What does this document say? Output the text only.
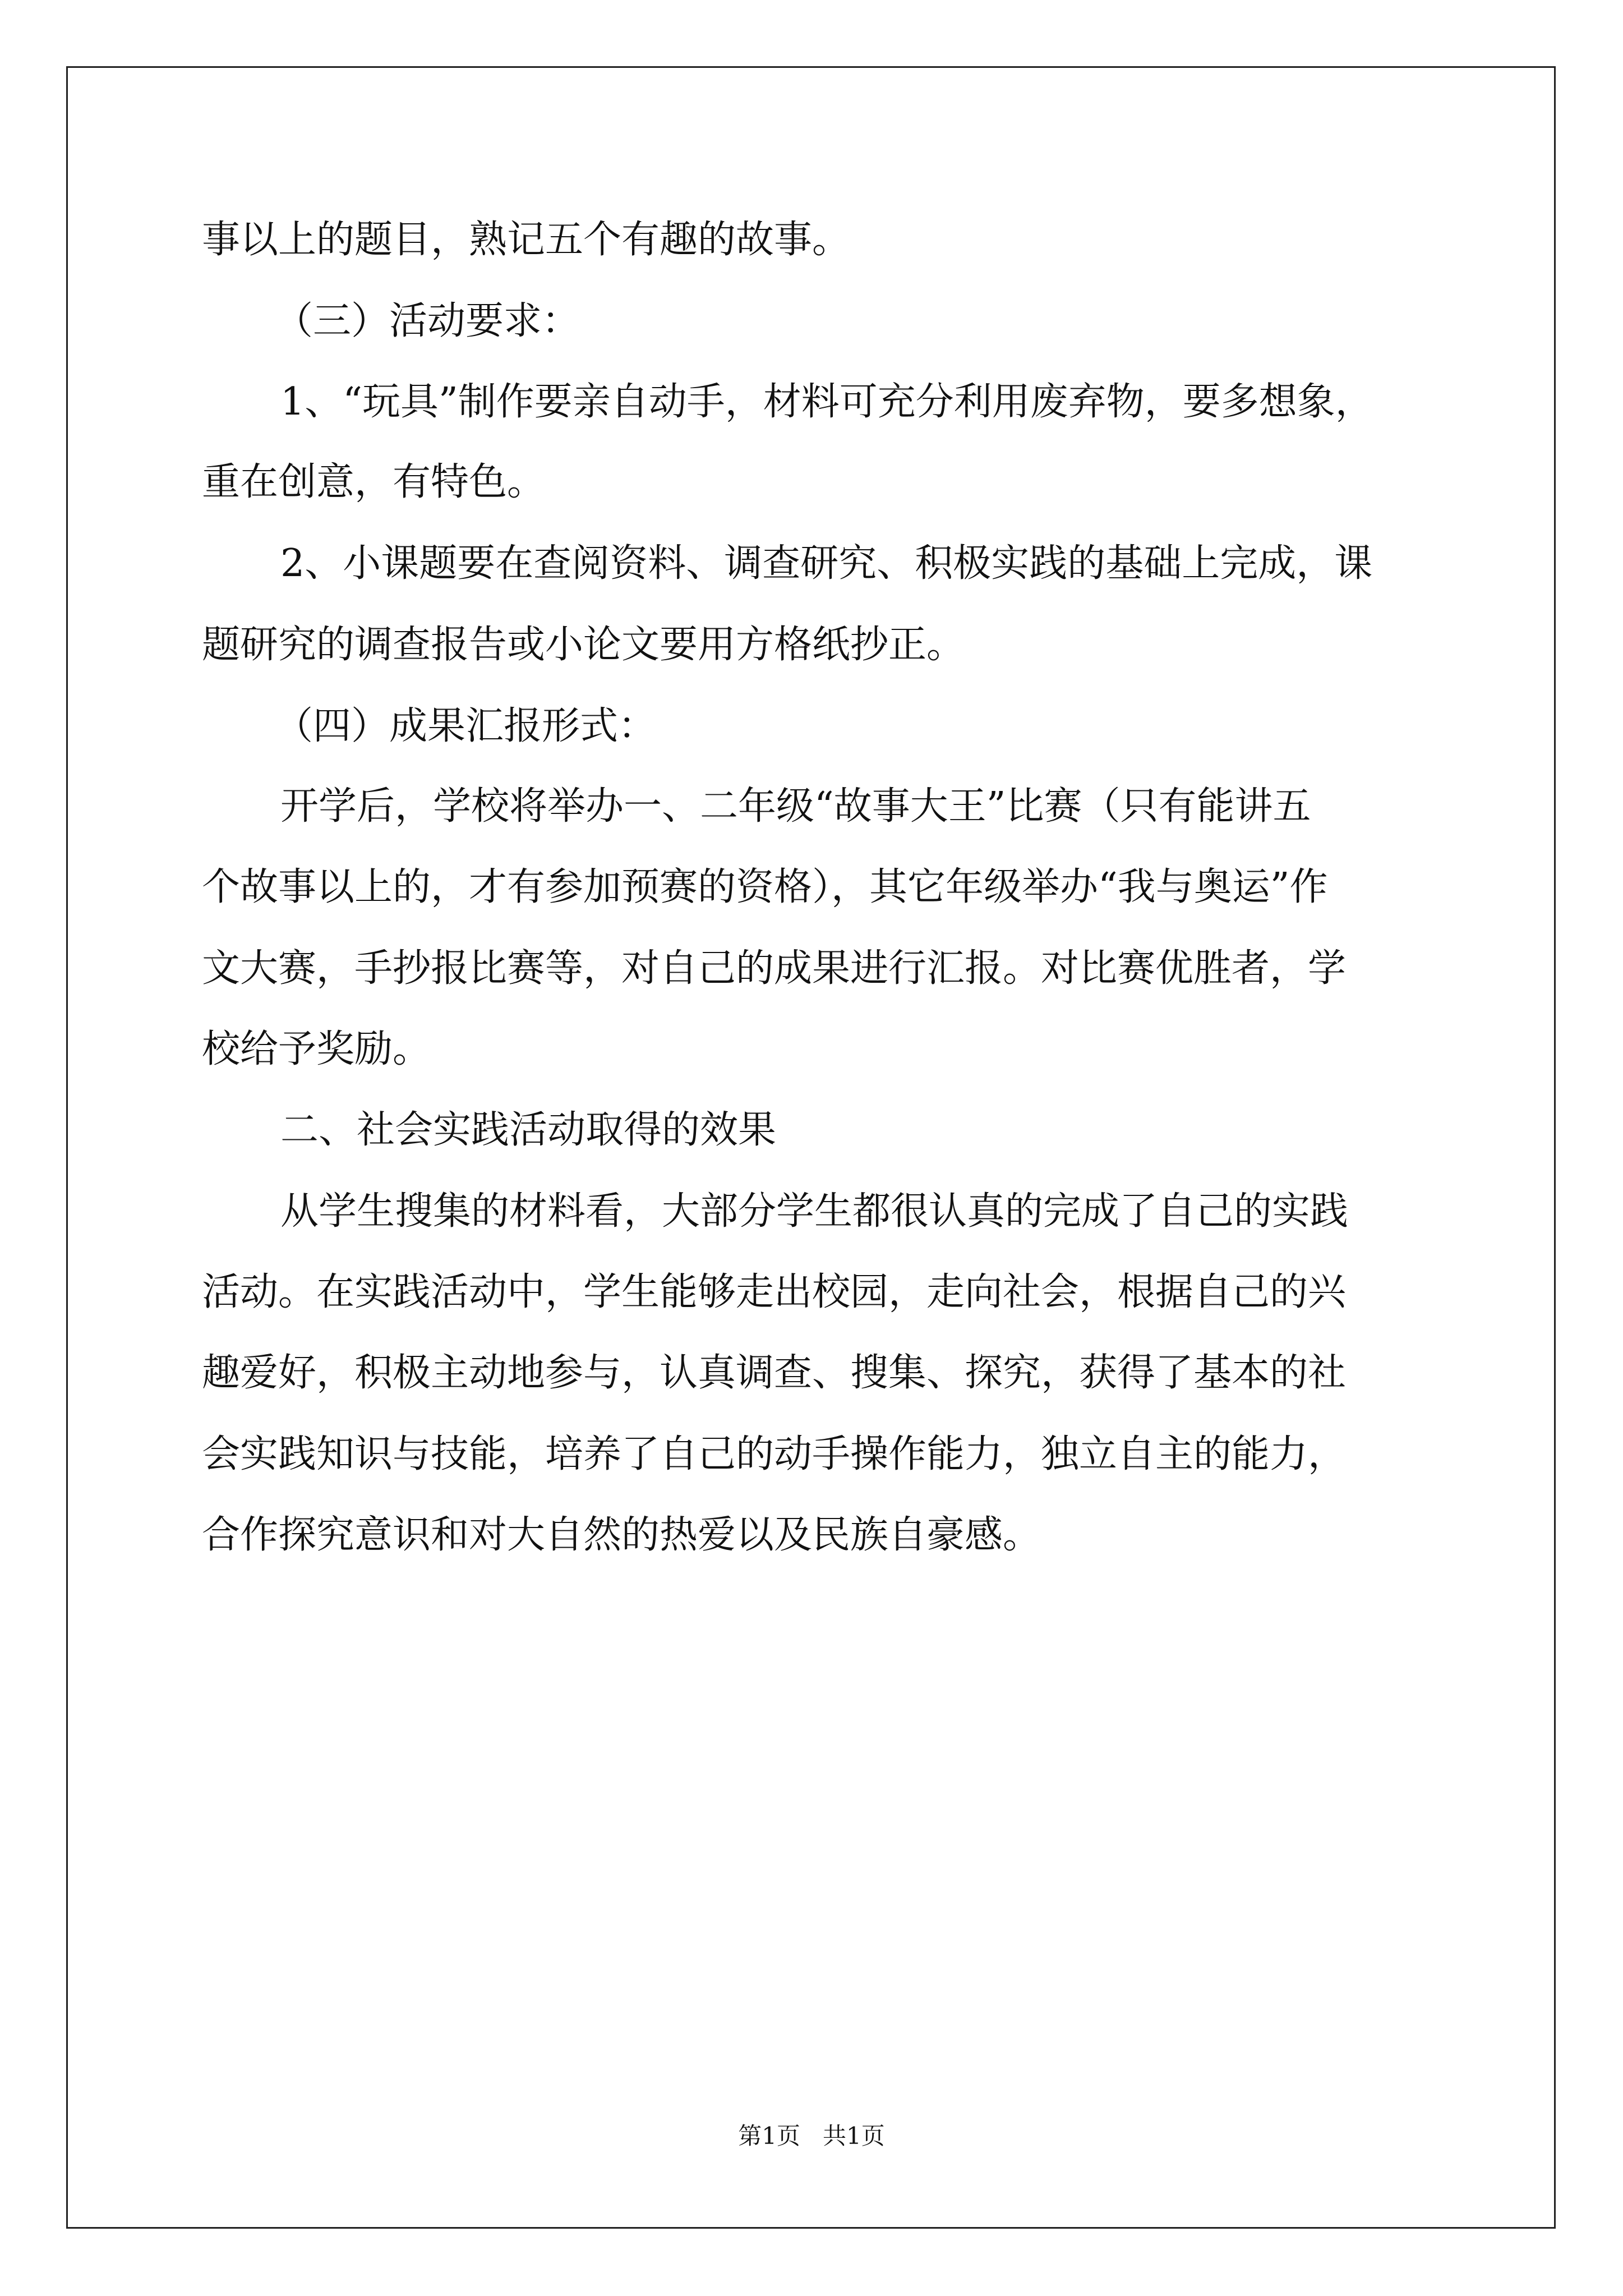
事以上的题目，熟记五个有趣的故事。
（三）活动要求：
1、“玩具”制作要亲自动手，材料可充分利用废弃物，要多想象，
重在创意，有特色。
2、小课题要在查阅资料、调查研究、积极实践的基础上完成，课
题研究的调查报告或小论文要用方格纸抄正。
（四）成果汇报形式：
开学后，学校将举办一、二年级“故事大王”比赛（只有能讲五
个故事以上的，才有参加预赛的资格），其它年级举办“我与奥运”作
文大赛，手抄报比赛等，对自己的成果进行汇报。对比赛优胜者，学
校给予奖励。
二、社会实践活动取得的效果
从学生搜集的材料看，大部分学生都很认真的完成了自己的实践
活动。在实践活动中，学生能够走出校园，走向社会，根据自己的兴
趣爱好，积极主动地参与，认真调查、搜集、探究，获得了基本的社
会实践知识与技能，培养了自己的动手操作能力，独立自主的能力，
合作探究意识和对大自然的热爱以及民族自豪感。
第1页   共1页
